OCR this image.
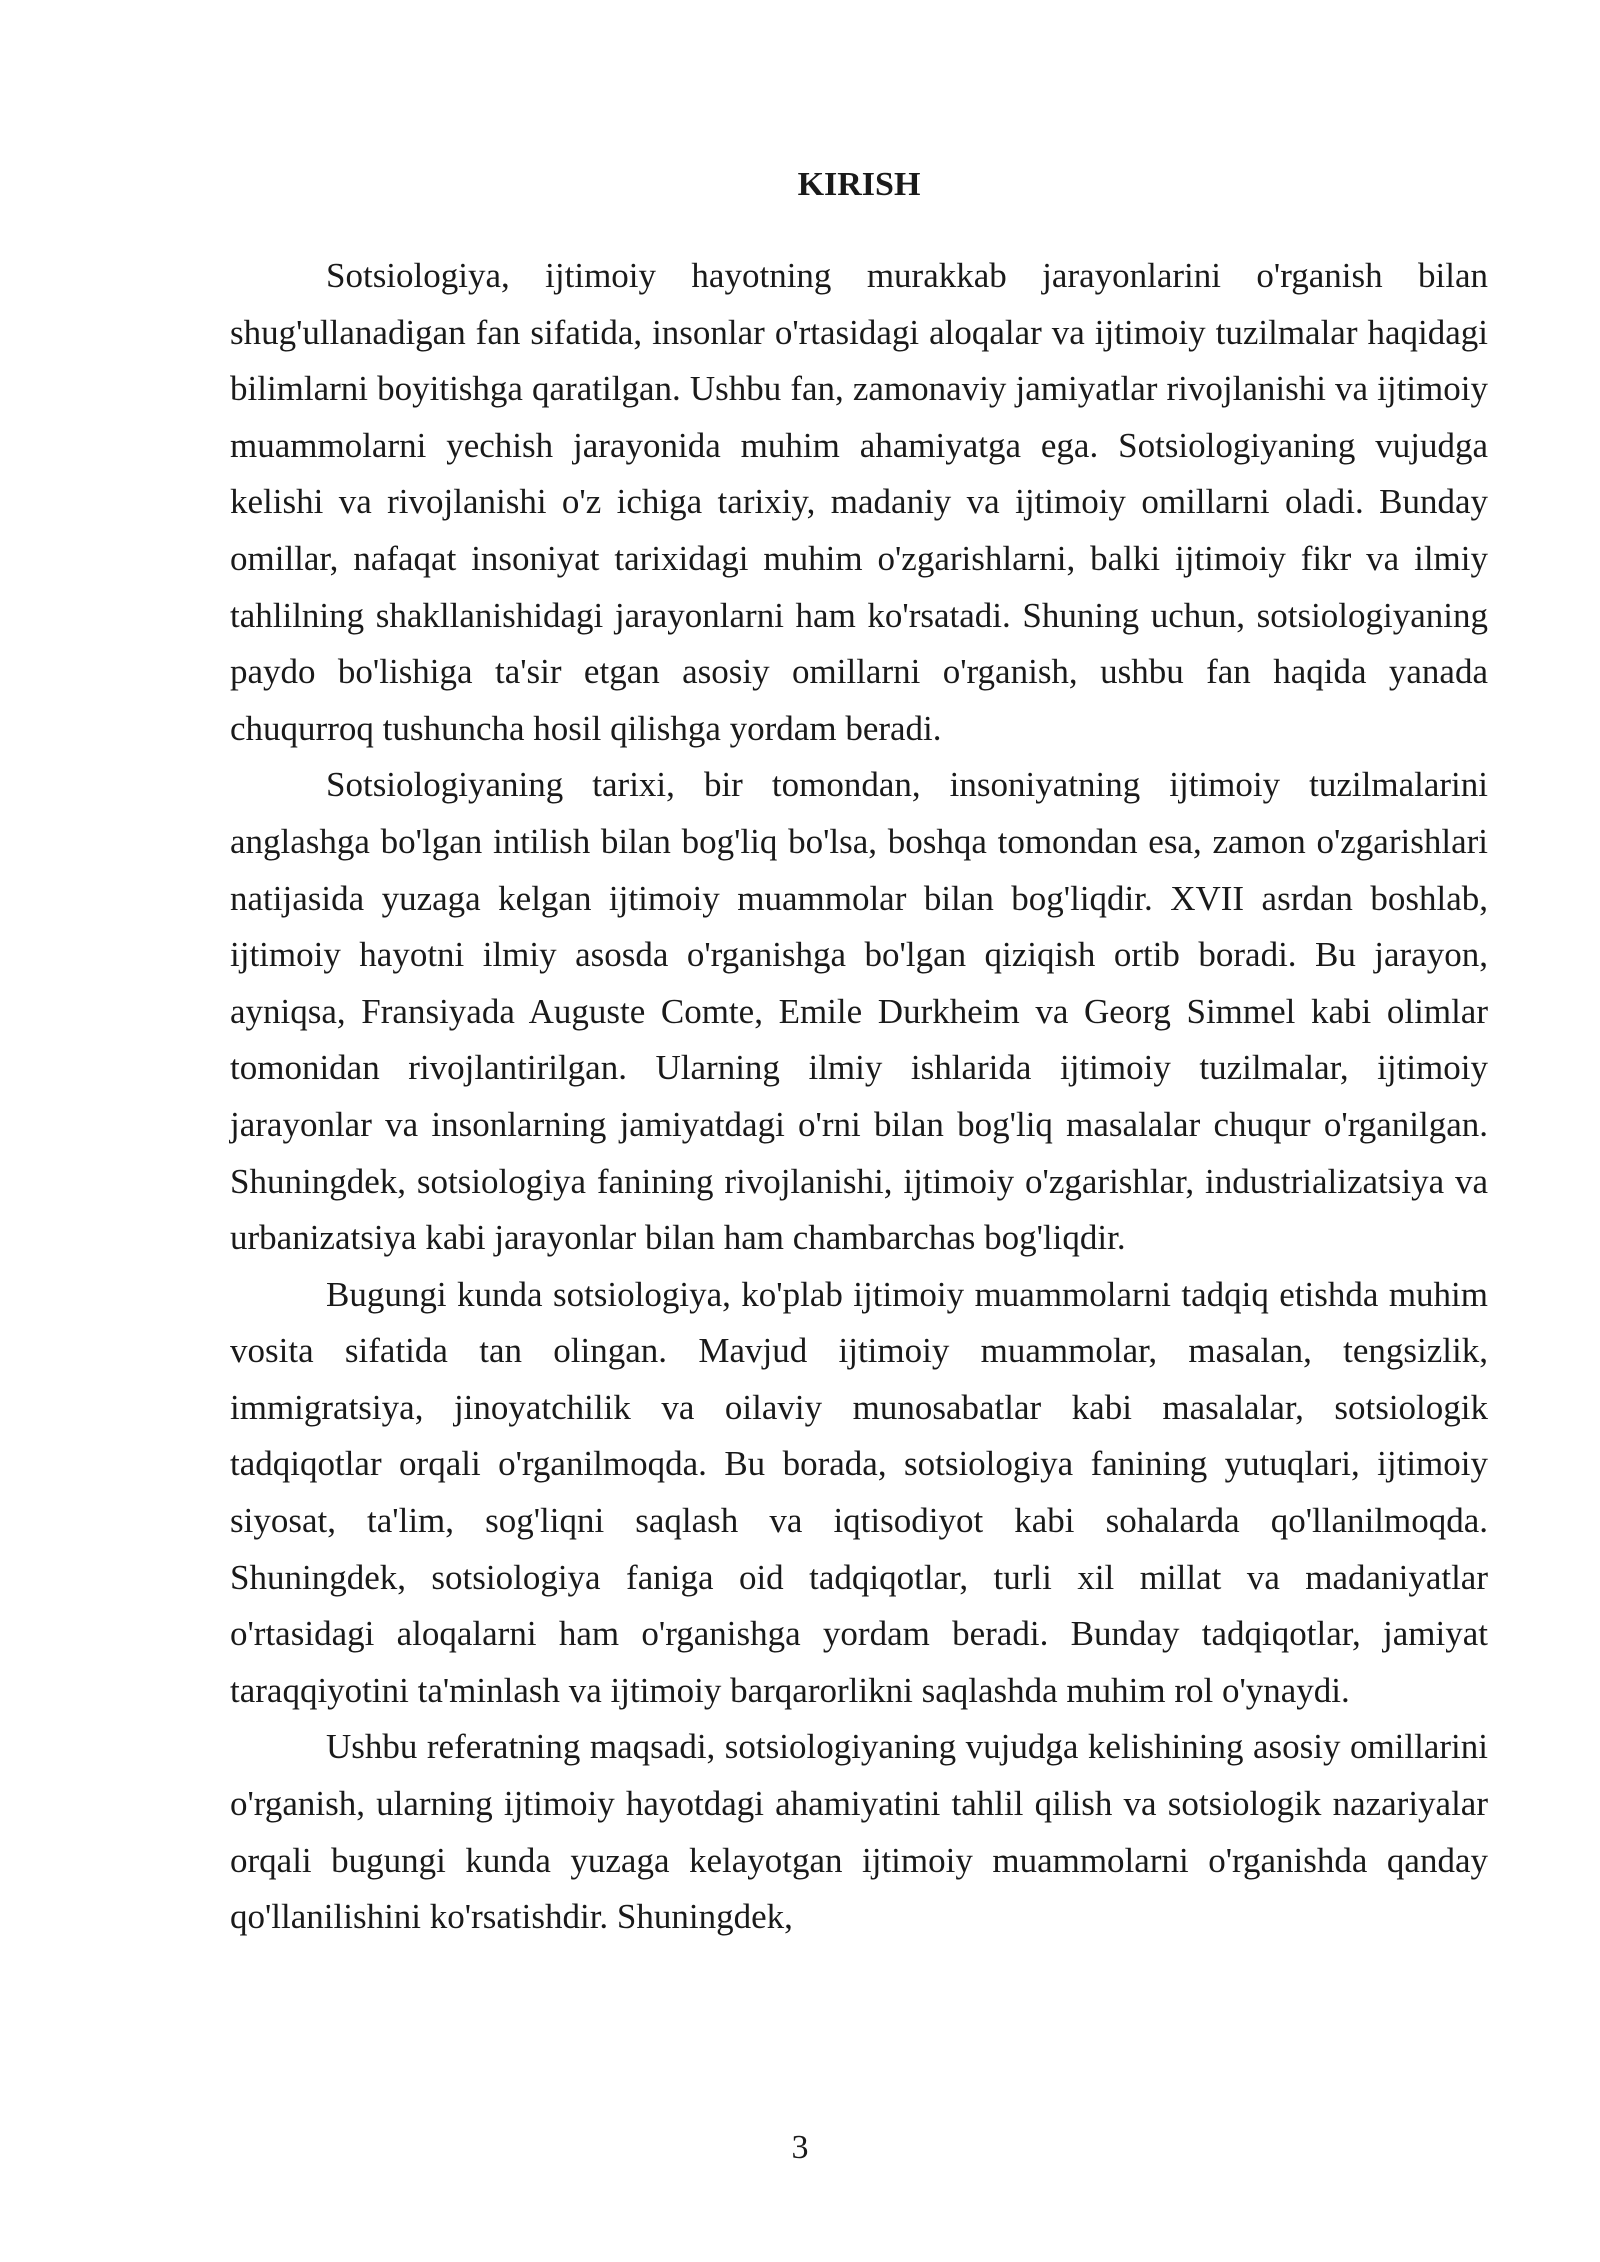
KIRISH

Sotsiologiya, ijtimoiy hayotning murakkab jarayonlarini o'rganish bilan shug'ullanadigan fan sifatida, insonlar o'rtasidagi aloqalar va ijtimoiy tuzilmalar haqidagi bilimlarni boyitishga qaratilgan. Ushbu fan, zamonaviy jamiyatlar rivojlanishi va ijtimoiy muammolarni yechish jarayonida muhim ahamiyatga ega. Sotsiologiyaning vujudga kelishi va rivojlanishi o'z ichiga tarixiy, madaniy va ijtimoiy omillarni oladi. Bunday omillar, nafaqat insoniyat tarixidagi muhim o'zgarishlarni, balki ijtimoiy fikr va ilmiy tahlilning shakllanishidagi jarayonlarni ham ko'rsatadi. Shuning uchun, sotsiologiyaning paydo bo'lishiga ta'sir etgan asosiy omillarni o'rganish, ushbu fan haqida yanada chuqurroq tushuncha hosil qilishga yordam beradi.

Sotsiologiyaning tarixi, bir tomondan, insoniyatning ijtimoiy tuzilmalarini anglashga bo'lgan intilish bilan bog'liq bo'lsa, boshqa tomondan esa, zamon o'zgarishlari natijasida yuzaga kelgan ijtimoiy muammolar bilan bog'liqdir. XVII asrdan boshlab, ijtimoiy hayotni ilmiy asosda o'rganishga bo'lgan qiziqish ortib boradi. Bu jarayon, ayniqsa, Fransiyada Auguste Comte, Emile Durkheim va Georg Simmel kabi olimlar tomonidan rivojlantirilgan. Ularning ilmiy ishlarida ijtimoiy tuzilmalar, ijtimoiy jarayonlar va insonlarning jamiyatdagi o'rni bilan bog'liq masalalar chuqur o'rganilgan. Shuningdek, sotsiologiya fanining rivojlanishi, ijtimoiy o'zgarishlar, industrializatsiya va urbanizatsiya kabi jarayonlar bilan ham chambarchas bog'liqdir.

Bugungi kunda sotsiologiya, ko'plab ijtimoiy muammolarni tadqiq etishda muhim vosita sifatida tan olingan. Mavjud ijtimoiy muammolar, masalan, tengsizlik, immigratsiya, jinoyatchilik va oilaviy munosabatlar kabi masalalar, sotsiologik tadqiqotlar orqali o'rganilmoqda. Bu borada, sotsiologiya fanining yutuqlari, ijtimoiy siyosat, ta'lim, sog'liqni saqlash va iqtisodiyot kabi sohalarda qo'llanilmoqda. Shuningdek, sotsiologiya faniga oid tadqiqotlar, turli xil millat va madaniyatlar o'rtasidagi aloqalarni ham o'rganishga yordam beradi. Bunday tadqiqotlar, jamiyat taraqqiyotini ta'minlash va ijtimoiy barqarorlikni saqlashda muhim rol o'ynaydi.

Ushbu referatning maqsadi, sotsiologiyaning vujudga kelishining asosiy omillarini o'rganish, ularning ijtimoiy hayotdagi ahamiyatini tahlil qilish va sotsiologik nazariyalar orqali bugungi kunda yuzaga kelayotgan ijtimoiy muammolarni o'rganishda qanday qo'llanilishini ko'rsatishdir. Shuningdek,

3
